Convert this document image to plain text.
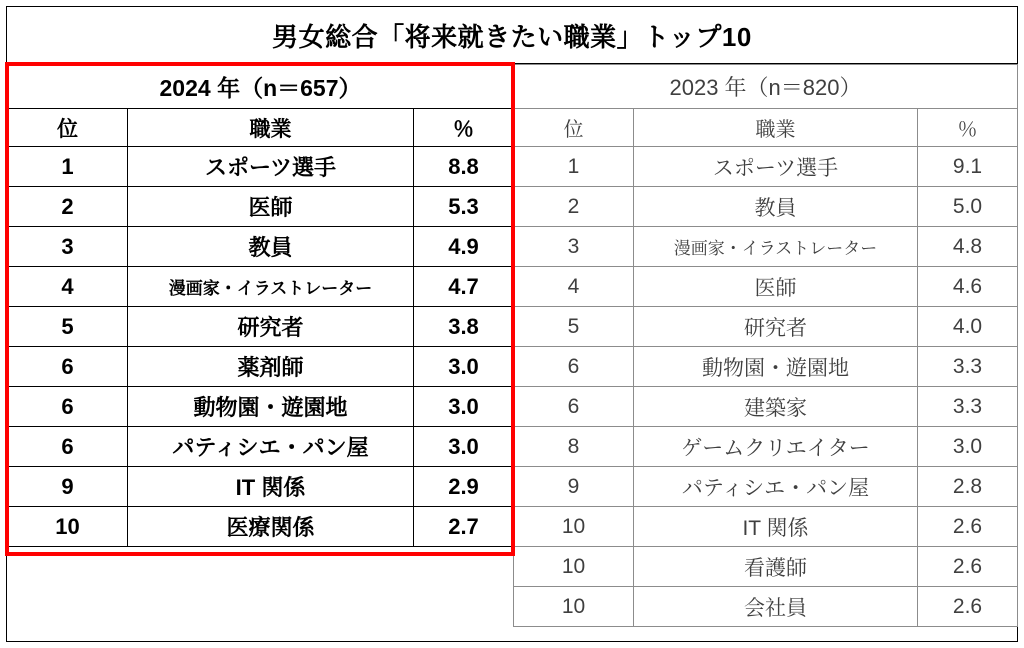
男女総合「将来就きたい職業」トップ10
2024 年（n＝657）		
位	職業	％
1	スポーツ選手	8.8
2	医師	5.3
3	教員	4.9
4	漫画家・イラストレーター	4.7
5	研究者	3.8
6	薬剤師	3.0
6	動物園・遊園地	3.0
6	パティシエ・パン屋	3.0
9	IT 関係	2.9
10	医療関係	2.7
2023 年（n＝820）		
位	職業	％
1	スポーツ選手	9.1
2	教員	5.0
3	漫画家・イラストレーター	4.8
4	医師	4.6
5	研究者	4.0
6	動物園・遊園地	3.3
6	建築家	3.3
8	ゲームクリエイター	3.0
9	パティシエ・パン屋	2.8
10	IT 関係	2.6
10	看護師	2.6
10	会社員	2.6
